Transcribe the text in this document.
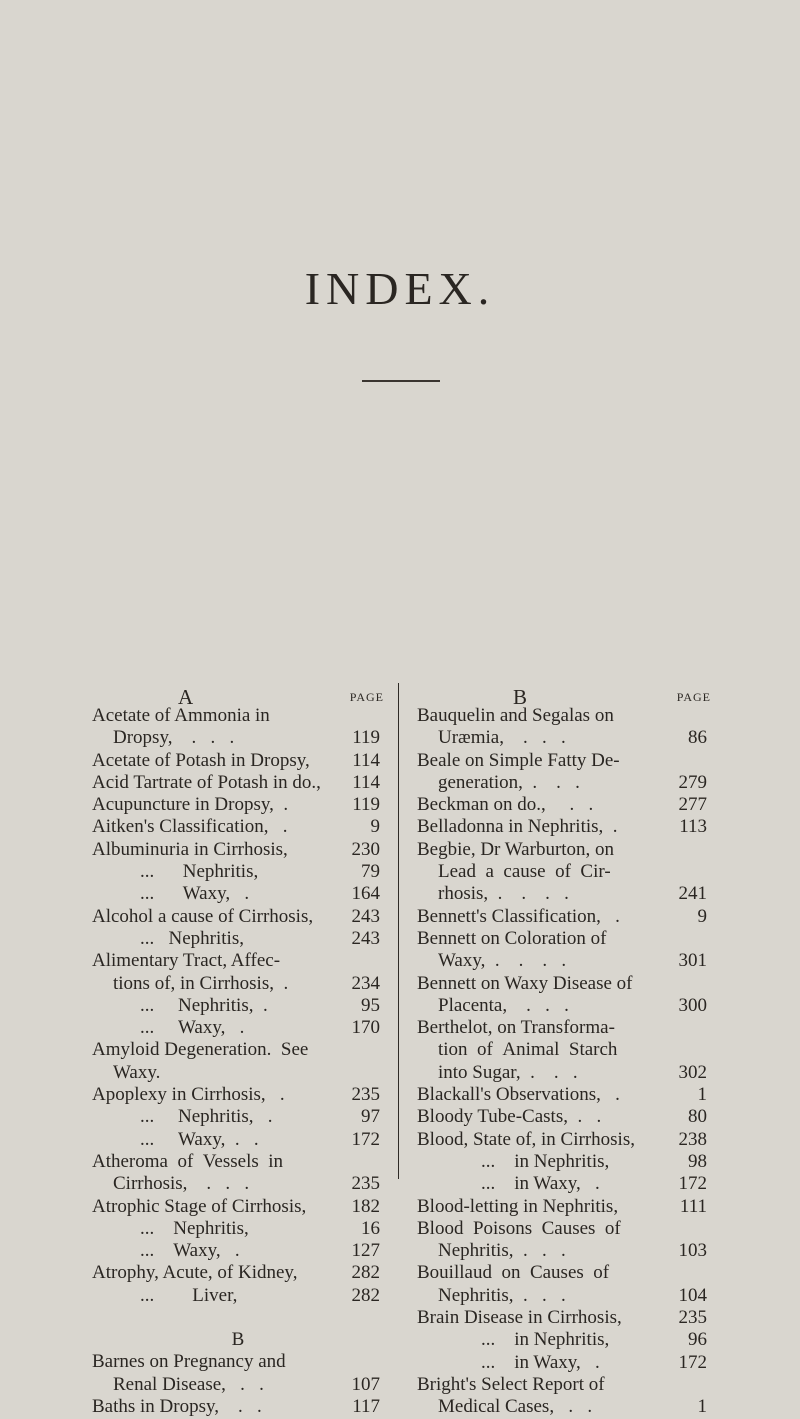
INDEX.
A	PAGE
Acetate of Ammonia in
Dropsy,    .   .   .	119
Acetate of Potash in Dropsy, 114
Acid Tartrate of Potash in do., 114
Acupuncture in Dropsy,  .	119
Aitken's Classification,   .	9
Albuminuria in Cirrhosis,	230
...      Nephritis,	79
...      Waxy,   .	164
Alcohol a cause of Cirrhosis, 243
...   Nephritis,	243
Alimentary Tract, Affec-
tions of, in Cirrhosis,  .	234
...     Nephritis,  .	95
...     Waxy,   .	170
Amyloid Degeneration.  See
Waxy.
Apoplexy in Cirrhosis,   .	235
...     Nephritis,   .	97
...     Waxy,  .   .	172
Atheroma  of  Vessels  in
Cirrhosis,    .   .   .	235
Atrophic Stage of Cirrhosis, 182
...    Nephritis,	16
...    Waxy,   .	127
Atrophy, Acute, of Kidney,	282
...        Liver,	282
B
Barnes on Pregnancy and
Renal Disease,   .   .	107
Baths in Dropsy,    .   .	117
B	PAGE
Bauquelin and Segalas on
Uræmia,    .   .   .	86
Beale on Simple Fatty De-
generation,  .    .   .	279
Beckman on do.,     .   .	277
Belladonna in Nephritis,  .	113
Begbie, Dr Warburton, on
Lead  a  cause  of  Cir-
rhosis,  .    .    .   .	241
Bennett's Classification,   .	9
Bennett on Coloration of
Waxy,  .    .    .   .	301
Bennett on Waxy Disease of
Placenta,    .   .   .	300
Berthelot, on Transforma-
tion  of  Animal  Starch
into Sugar,  .    .   .	302
Blackall's Observations,   .	1
Bloody Tube-Casts,  .   .	80
Blood, State of, in Cirrhosis, 238
...    in Nephritis,	98
...    in Waxy,   .	172
Blood-letting in Nephritis,	111
Blood  Poisons  Causes  of
Nephritis,  .   .   .	103
Bouillaud  on  Causes  of
Nephritis,  .   .   .	104
Brain Disease in Cirrhosis,	235
...    in Nephritis,	96
...    in Waxy,   .	172
Bright's Select Report of
Medical Cases,   .   .	1
